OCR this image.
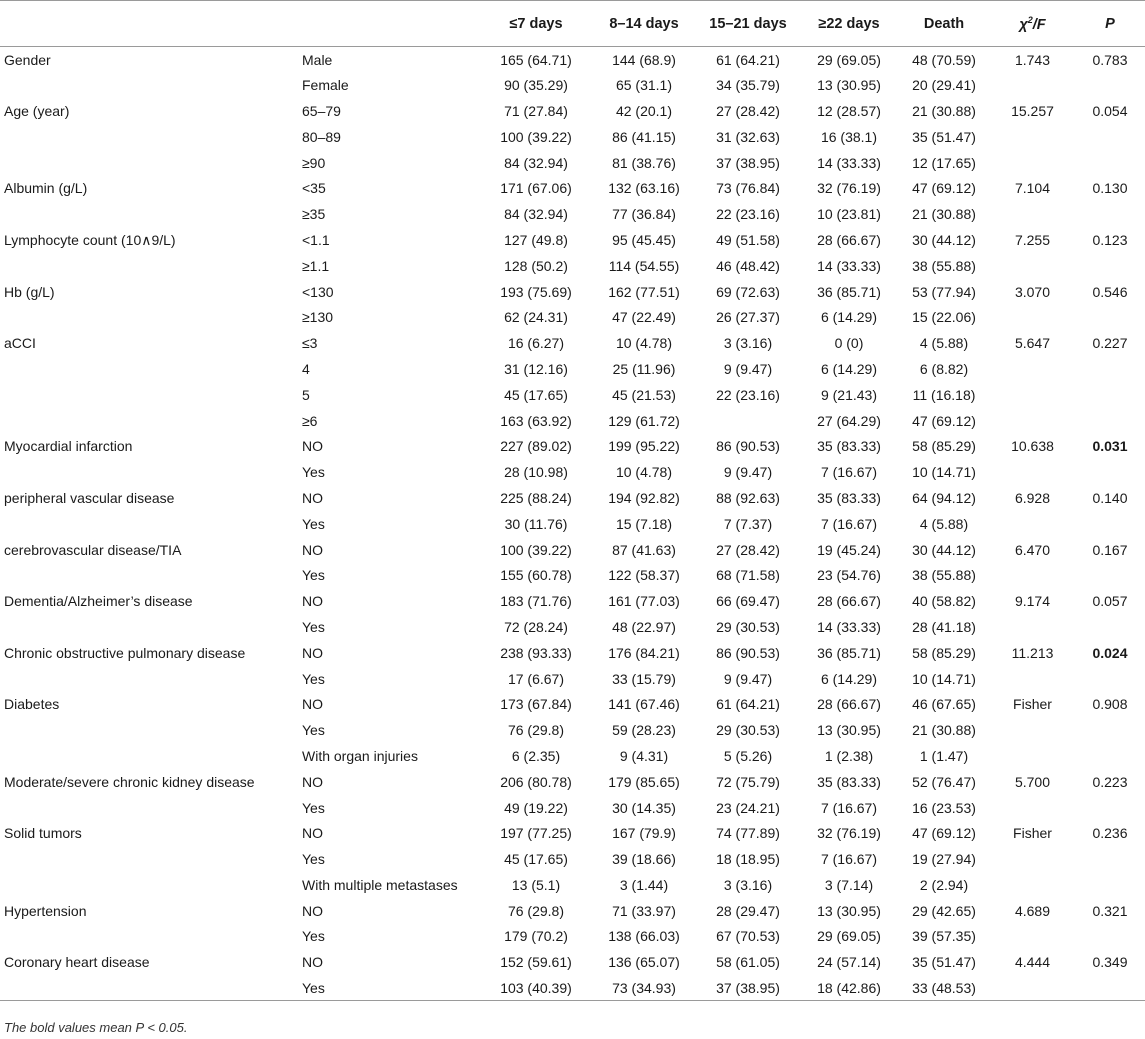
		≤7 days	8–14 days	15–21 days	≥22 days	Death	$\chi^2/F$	P
Gender	Male	165 (64.71)	144 (68.9)	61 (64.21)	29 (69.05)	48 (70.59)	1.743	0.783
	Female	90 (35.29)	65 (31.1)	34 (35.79)	13 (30.95)	20 (29.41)		
Age (year)	65–79	71 (27.84)	42 (20.1)	27 (28.42)	12 (28.57)	21 (30.88)	15.257	0.054
	80–89	100 (39.22)	86 (41.15)	31 (32.63)	16 (38.1)	35 (51.47)		
	≥90	84 (32.94)	81 (38.76)	37 (38.95)	14 (33.33)	12 (17.65)		
Albumin (g/L)	<35	171 (67.06)	132 (63.16)	73 (76.84)	32 (76.19)	47 (69.12)	7.104	0.130
	≥35	84 (32.94)	77 (36.84)	22 (23.16)	10 (23.81)	21 (30.88)		
Lymphocyte count (10∧9/L)	<1.1	127 (49.8)	95 (45.45)	49 (51.58)	28 (66.67)	30 (44.12)	7.255	0.123
	≥1.1	128 (50.2)	114 (54.55)	46 (48.42)	14 (33.33)	38 (55.88)		
Hb (g/L)	<130	193 (75.69)	162 (77.51)	69 (72.63)	36 (85.71)	53 (77.94)	3.070	0.546
	≥130	62 (24.31)	47 (22.49)	26 (27.37)	6 (14.29)	15 (22.06)		
aCCI	≤3	16 (6.27)	10 (4.78)	3 (3.16)	0 (0)	4 (5.88)	5.647	0.227
	4	31 (12.16)	25 (11.96)	9 (9.47)	6 (14.29)	6 (8.82)		
	5	45 (17.65)	45 (21.53)	22 (23.16)	9 (21.43)	11 (16.18)		
	≥6	163 (63.92)	129 (61.72)		27 (64.29)	47 (69.12)		
Myocardial infarction	NO	227 (89.02)	199 (95.22)	86 (90.53)	35 (83.33)	58 (85.29)	10.638	0.031
	Yes	28 (10.98)	10 (4.78)	9 (9.47)	7 (16.67)	10 (14.71)		
peripheral vascular disease	NO	225 (88.24)	194 (92.82)	88 (92.63)	35 (83.33)	64 (94.12)	6.928	0.140
	Yes	30 (11.76)	15 (7.18)	7 (7.37)	7 (16.67)	4 (5.88)		
cerebrovascular disease/TIA	NO	100 (39.22)	87 (41.63)	27 (28.42)	19 (45.24)	30 (44.12)	6.470	0.167
	Yes	155 (60.78)	122 (58.37)	68 (71.58)	23 (54.76)	38 (55.88)		
Dementia/Alzheimer’s disease	NO	183 (71.76)	161 (77.03)	66 (69.47)	28 (66.67)	40 (58.82)	9.174	0.057
	Yes	72 (28.24)	48 (22.97)	29 (30.53)	14 (33.33)	28 (41.18)		
Chronic obstructive pulmonary disease	NO	238 (93.33)	176 (84.21)	86 (90.53)	36 (85.71)	58 (85.29)	11.213	0.024
	Yes	17 (6.67)	33 (15.79)	9 (9.47)	6 (14.29)	10 (14.71)		
Diabetes	NO	173 (67.84)	141 (67.46)	61 (64.21)	28 (66.67)	46 (67.65)	Fisher	0.908
	Yes	76 (29.8)	59 (28.23)	29 (30.53)	13 (30.95)	21 (30.88)		
	With organ injuries	6 (2.35)	9 (4.31)	5 (5.26)	1 (2.38)	1 (1.47)		
Moderate/severe chronic kidney disease	NO	206 (80.78)	179 (85.65)	72 (75.79)	35 (83.33)	52 (76.47)	5.700	0.223
	Yes	49 (19.22)	30 (14.35)	23 (24.21)	7 (16.67)	16 (23.53)		
Solid tumors	NO	197 (77.25)	167 (79.9)	74 (77.89)	32 (76.19)	47 (69.12)	Fisher	0.236
	Yes	45 (17.65)	39 (18.66)	18 (18.95)	7 (16.67)	19 (27.94)		
	With multiple metastases	13 (5.1)	3 (1.44)	3 (3.16)	3 (7.14)	2 (2.94)		
Hypertension	NO	76 (29.8)	71 (33.97)	28 (29.47)	13 (30.95)	29 (42.65)	4.689	0.321
	Yes	179 (70.2)	138 (66.03)	67 (70.53)	29 (69.05)	39 (57.35)		
Coronary heart disease	NO	152 (59.61)	136 (65.07)	58 (61.05)	24 (57.14)	35 (51.47)	4.444	0.349
	Yes	103 (40.39)	73 (34.93)	37 (38.95)	18 (42.86)	33 (48.53)		

The bold values mean P < 0.05.
